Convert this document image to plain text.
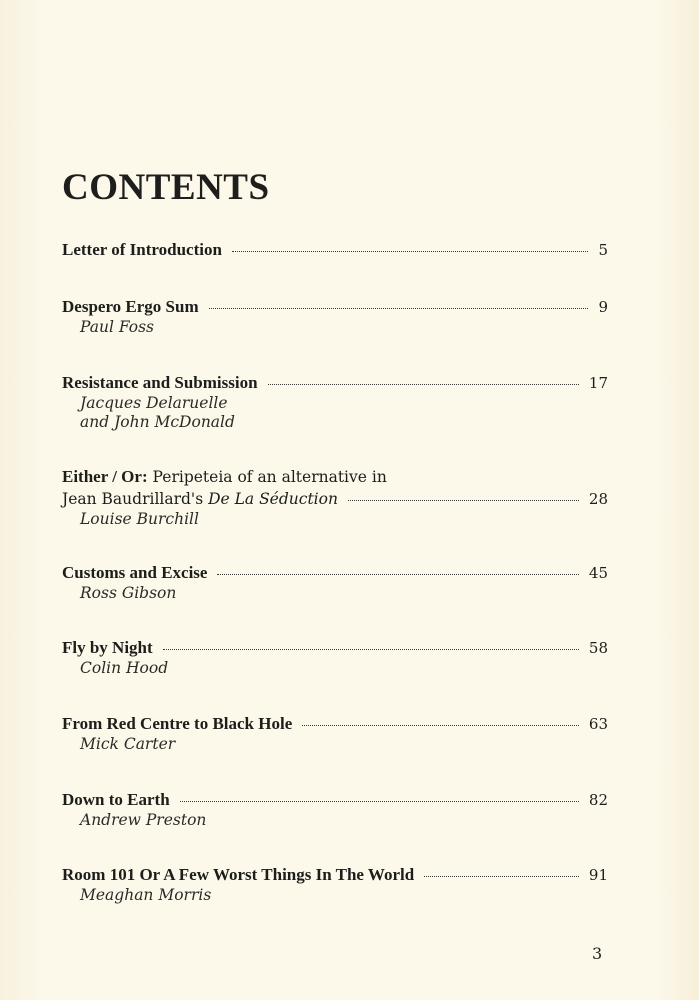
CONTENTS
Letter of Introduction	5
Despero Ergo Sum	9
Paul Foss
Resistance and Submission	17
Jacques Delaruelle
and John McDonald
Either / Or: Peripeteia of an alternative in
Jean Baudrillard's De La Séduction	28
Louise Burchill
Customs and Excise	45
Ross Gibson
Fly by Night	58
Colin Hood
From Red Centre to Black Hole	63
Mick Carter
Down to Earth	82
Andrew Preston
Room 101 Or A Few Worst Things In The World	91
Meaghan Morris
3
